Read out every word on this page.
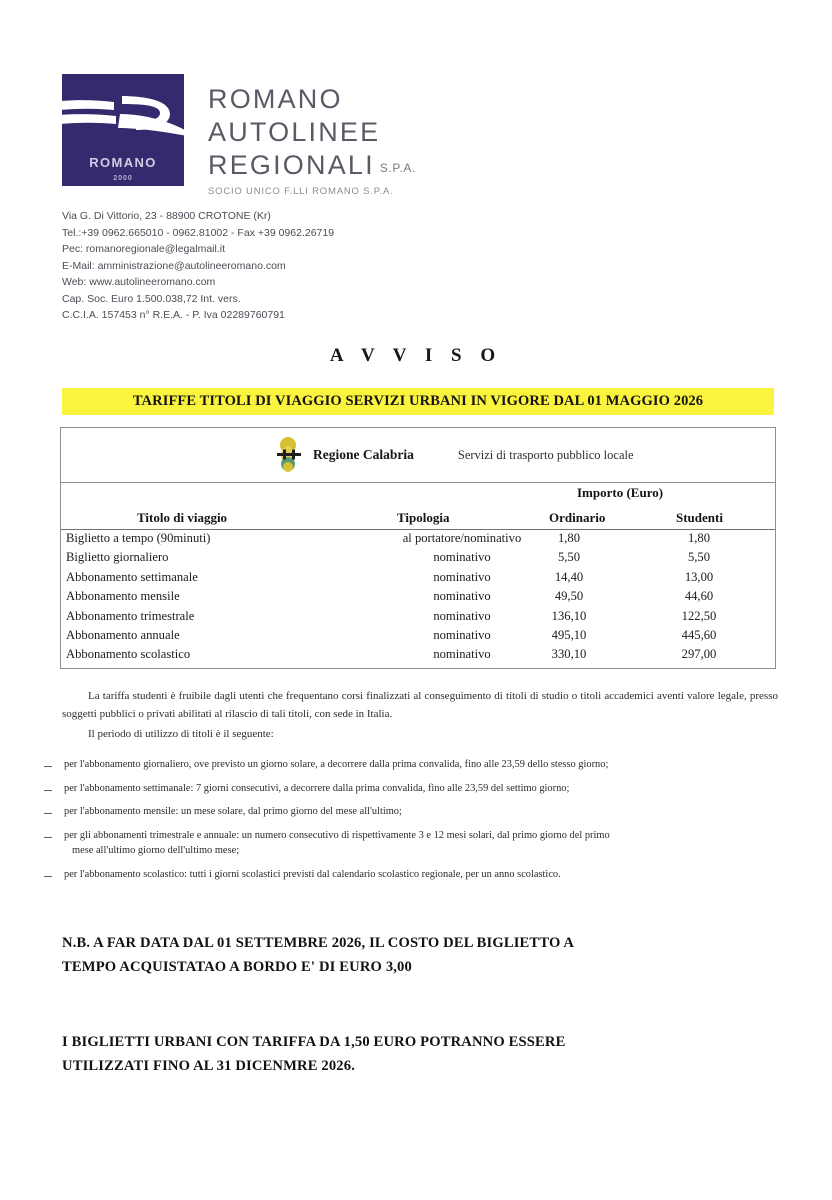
ROMANO
2000
ROMANO
AUTOLINEE
REGIONALI S.P.A.
SOCIO UNICO F.LLI ROMANO S.P.A.
Via G. Di Vittorio, 23 - 88900 CROTONE (Kr)
Tel.:+39 0962.665010 - 0962.81002 - Fax +39 0962.26719
Pec: romanoregionale@legalmail.it
E-Mail: amministrazione@autolineeromano.com
Web: www.autolineeromano.com
Cap. Soc. Euro 1.500.038,72 Int. vers.
C.C.I.A. 157453 n° R.E.A. - P. Iva 02289760791
A V V I S O
TARIFFE TITOLI DI VIAGGIO SERVIZI URBANI IN VIGORE DAL 01 MAGGIO 2026
Regione Calabria	Servizi di trasporto pubblico locale
Importo (Euro)
Titolo di viaggio	Tipologia	Ordinario	Studenti
Biglietto a tempo (90minuti)	al portatore/nominativo	1,80	1,80
Biglietto giornaliero	nominativo	5,50	5,50
Abbonamento settimanale	nominativo	14,40	13,00
Abbonamento mensile	nominativo	49,50	44,60
Abbonamento trimestrale	nominativo	136,10	122,50
Abbonamento annuale	nominativo	495,10	445,60
Abbonamento scolastico	nominativo	330,10	297,00
La tariffa studenti è fruibile dagli utenti che frequentano corsi finalizzati al conseguimento di titoli di studio o titoli accademici aventi valore legale, presso soggetti pubblici o privati abilitati al rilascio di tali titoli, con sede in Italia.
Il periodo di utilizzo di titoli è il seguente:
per l'abbonamento giornaliero, ove previsto un giorno solare, a decorrere dalla prima convalida, fino alle 23,59 dello stesso giorno;
per l'abbonamento settimanale: 7 giorni consecutivi, a decorrere dalla prima convalida, fino alle 23,59 del settimo giorno;
per l'abbonamento mensile: un mese solare, dal primo giorno del mese all'ultimo;
per gli abbonamenti trimestrale e annuale: un numero consecutivo di rispettivamente 3 e 12 mesi solari, dal primo giorno del primo
mese all'ultimo giorno dell'ultimo mese;
per l'abbonamento scolastico: tutti i giorni scolastici previsti dal calendario scolastico regionale, per un anno scolastico.
N.B. A FAR DATA DAL 01 SETTEMBRE 2026, IL COSTO DEL BIGLIETTO A
TEMPO ACQUISTATAO A BORDO E' DI EURO 3,00
I BIGLIETTI URBANI CON TARIFFA DA 1,50 EURO POTRANNO ESSERE
UTILIZZATI FINO AL 31 DICENMRE 2026.
